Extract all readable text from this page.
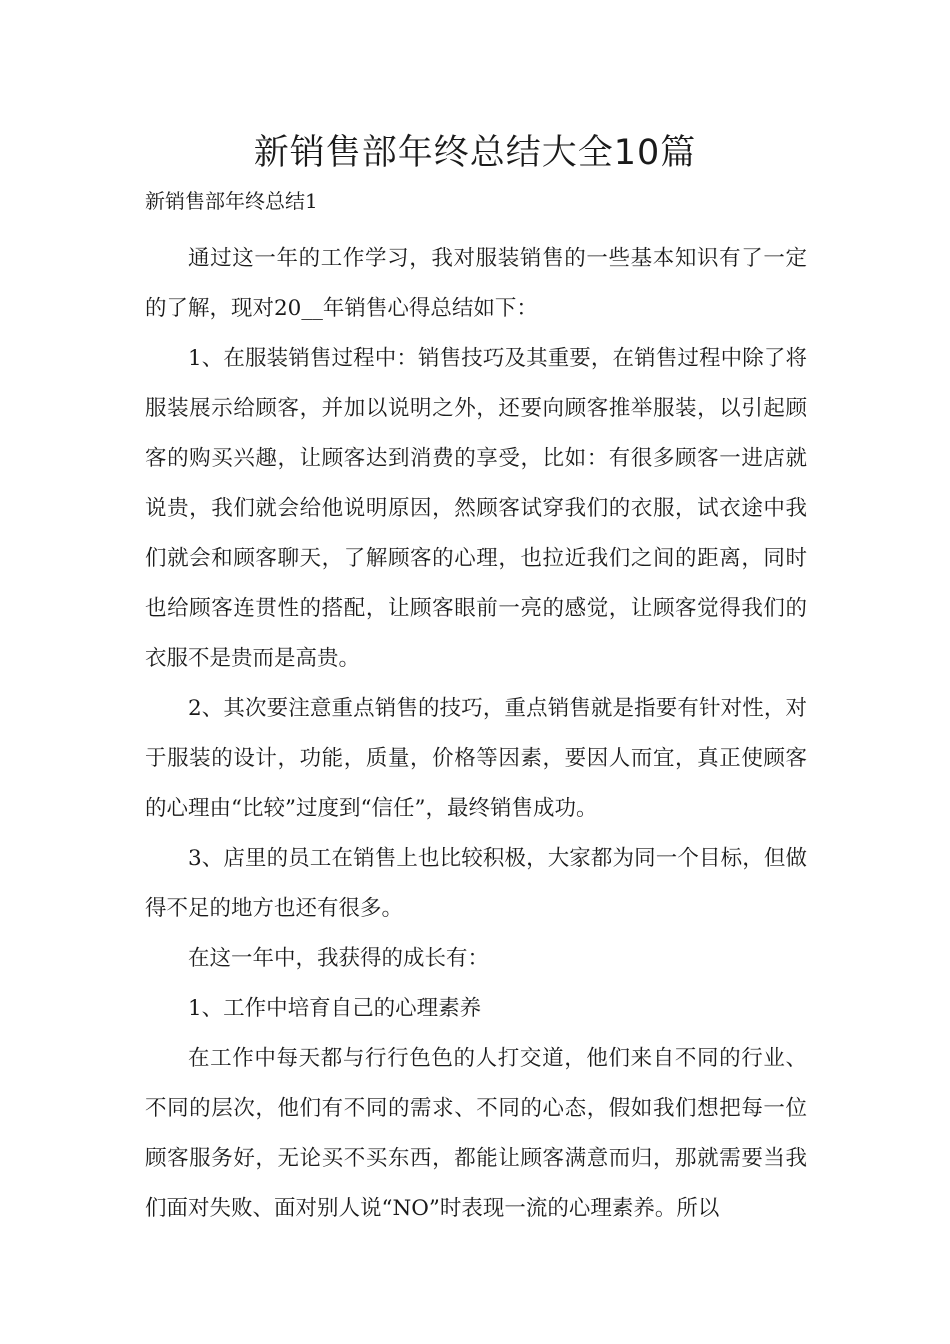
新销售部年终总结大全10篇
新销售部年终总结1

通过这一年的工作学习，我对服装销售的一些基本知识有了一定的了解，现对20__年销售心得总结如下：

1、在服装销售过程中：销售技巧及其重要，在销售过程中除了将服装展示给顾客，并加以说明之外，还要向顾客推举服装，以引起顾客的购买兴趣，让顾客达到消费的享受，比如：有很多顾客一进店就说贵，我们就会给他说明原因，然顾客试穿我们的衣服，试衣途中我们就会和顾客聊天，了解顾客的心理，也拉近我们之间的距离，同时也给顾客连贯性的搭配，让顾客眼前一亮的感觉，让顾客觉得我们的衣服不是贵而是高贵。

2、其次要注意重点销售的技巧，重点销售就是指要有针对性，对于服装的设计，功能，质量，价格等因素，要因人而宜，真正使顾客的心理由“比较”过度到“信任”，最终销售成功。

3、店里的员工在销售上也比较积极，大家都为同一个目标，但做得不足的地方也还有很多。

在这一年中，我获得的成长有：

1、工作中培育自己的心理素养

在工作中每天都与行行色色的人打交道，他们来自不同的行业、不同的层次，他们有不同的需求、不同的心态，假如我们想把每一位顾客服务好，无论买不买东西，都能让顾客满意而归，那就需要当我们面对失败、面对别人说“NO”时表现一流的心理素养。所以
